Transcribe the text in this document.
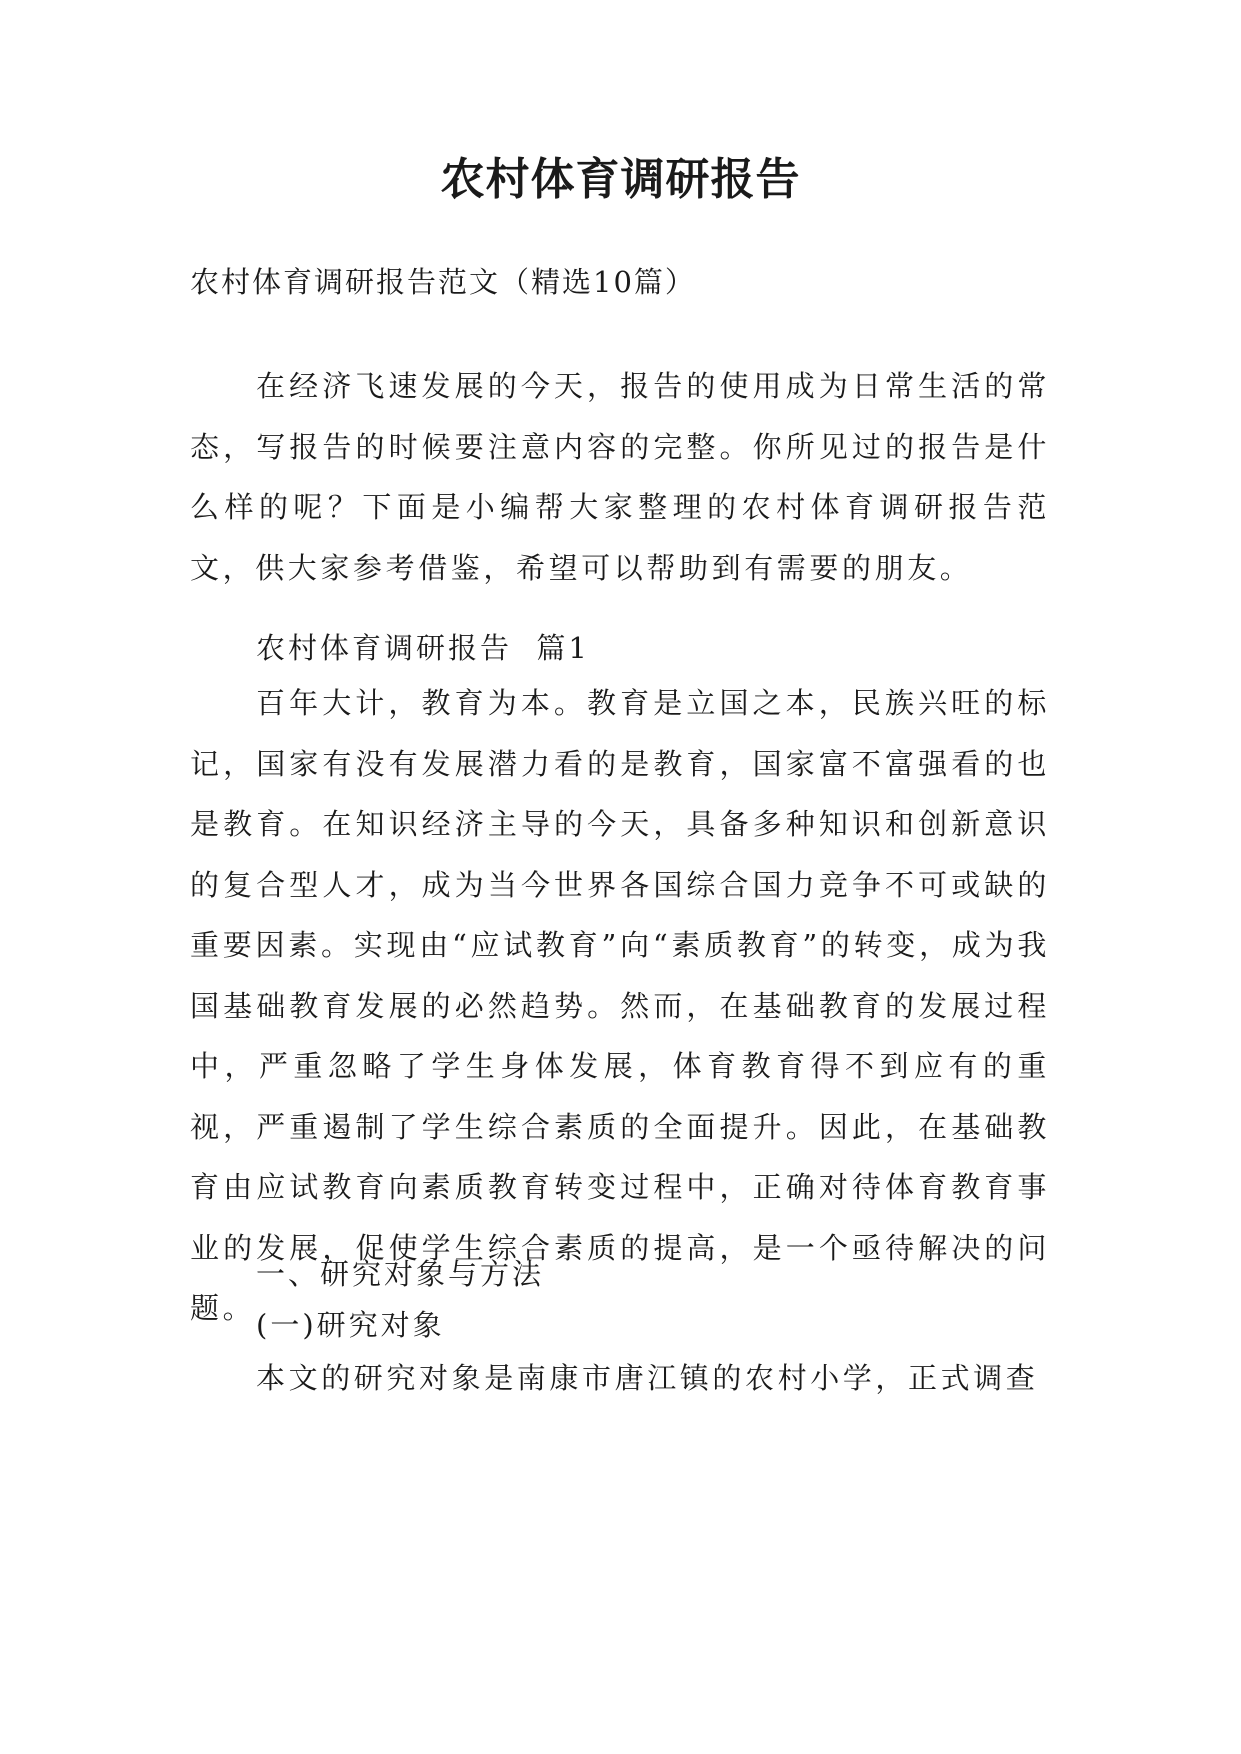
农村体育调研报告
农村体育调研报告范文（精选10篇）

在经济飞速发展的今天，报告的使用成为日常生活的常态，写报告的时候要注意内容的完整。你所见过的报告是什么样的呢？下面是小编帮大家整理的农村体育调研报告范文，供大家参考借鉴，希望可以帮助到有需要的朋友。

农村体育调研报告  篇1

百年大计，教育为本。教育是立国之本，民族兴旺的标记，国家有没有发展潜力看的是教育，国家富不富强看的也是教育。在知识经济主导的今天，具备多种知识和创新意识的复合型人才，成为当今世界各国综合国力竞争不可或缺的重要因素。实现由“应试教育”向“素质教育”的转变，成为我国基础教育发展的必然趋势。然而，在基础教育的发展过程中，严重忽略了学生身体发展，体育教育得不到应有的重视，严重遏制了学生综合素质的全面提升。因此，在基础教育由应试教育向素质教育转变过程中，正确对待体育教育事业的发展，促使学生综合素质的提高，是一个亟待解决的问题。

一、研究对象与方法
(一)研究对象
本文的研究对象是南康市唐江镇的农村小学，正式调查
